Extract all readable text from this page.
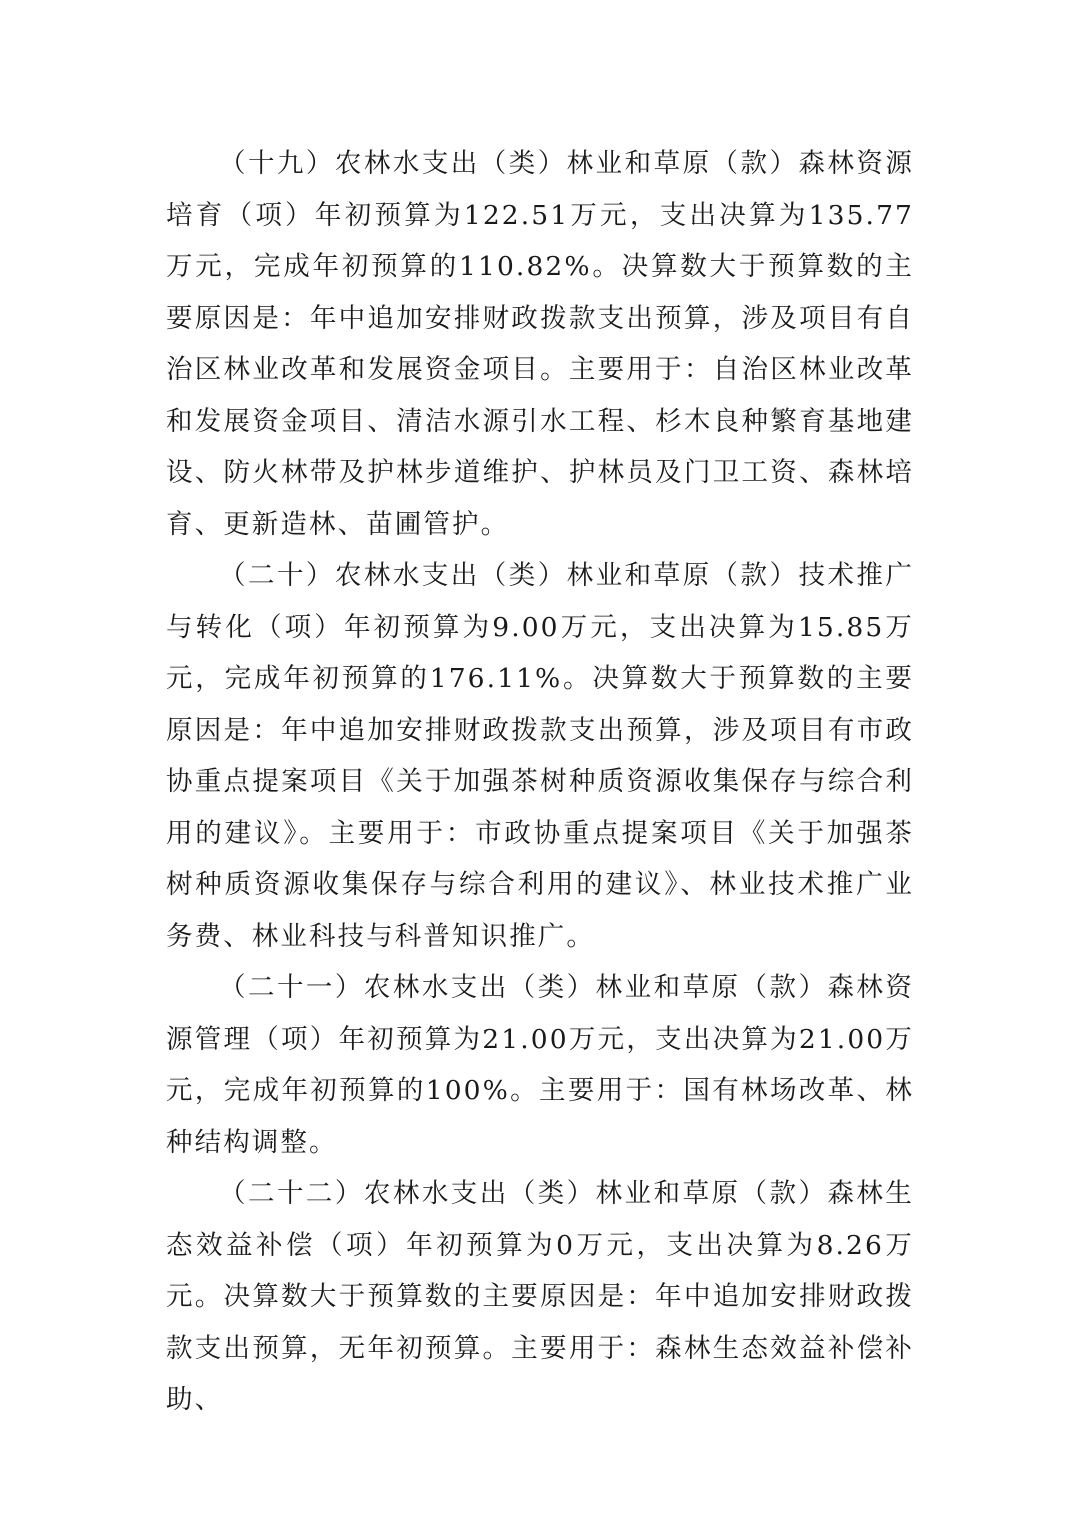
（十九）农林水支出（类）林业和草原（款）森林资源培育（项）年初预算为122.51万元，支出决算为135.77万元，完成年初预算的110.82%。决算数大于预算数的主要原因是：年中追加安排财政拨款支出预算，涉及项目有自治区林业改革和发展资金项目。主要用于：自治区林业改革和发展资金项目、清洁水源引水工程、杉木良种繁育基地建设、防火林带及护林步道维护、护林员及门卫工资、森林培育、更新造林、苗圃管护。

（二十）农林水支出（类）林业和草原（款）技术推广与转化（项）年初预算为9.00万元，支出决算为15.85万元，完成年初预算的176.11%。决算数大于预算数的主要原因是：年中追加安排财政拨款支出预算，涉及项目有市政协重点提案项目《关于加强茶树种质资源收集保存与综合利用的建议》。主要用于：市政协重点提案项目《关于加强茶树种质资源收集保存与综合利用的建议》、林业技术推广业务费、林业科技与科普知识推广。

（二十一）农林水支出（类）林业和草原（款）森林资源管理（项）年初预算为21.00万元，支出决算为21.00万元，完成年初预算的100%。主要用于：国有林场改革、林种结构调整。

（二十二）农林水支出（类）林业和草原（款）森林生态效益补偿（项）年初预算为0万元，支出决算为8.26万元。决算数大于预算数的主要原因是：年中追加安排财政拨款支出预算，无年初预算。主要用于：森林生态效益补偿补助、
